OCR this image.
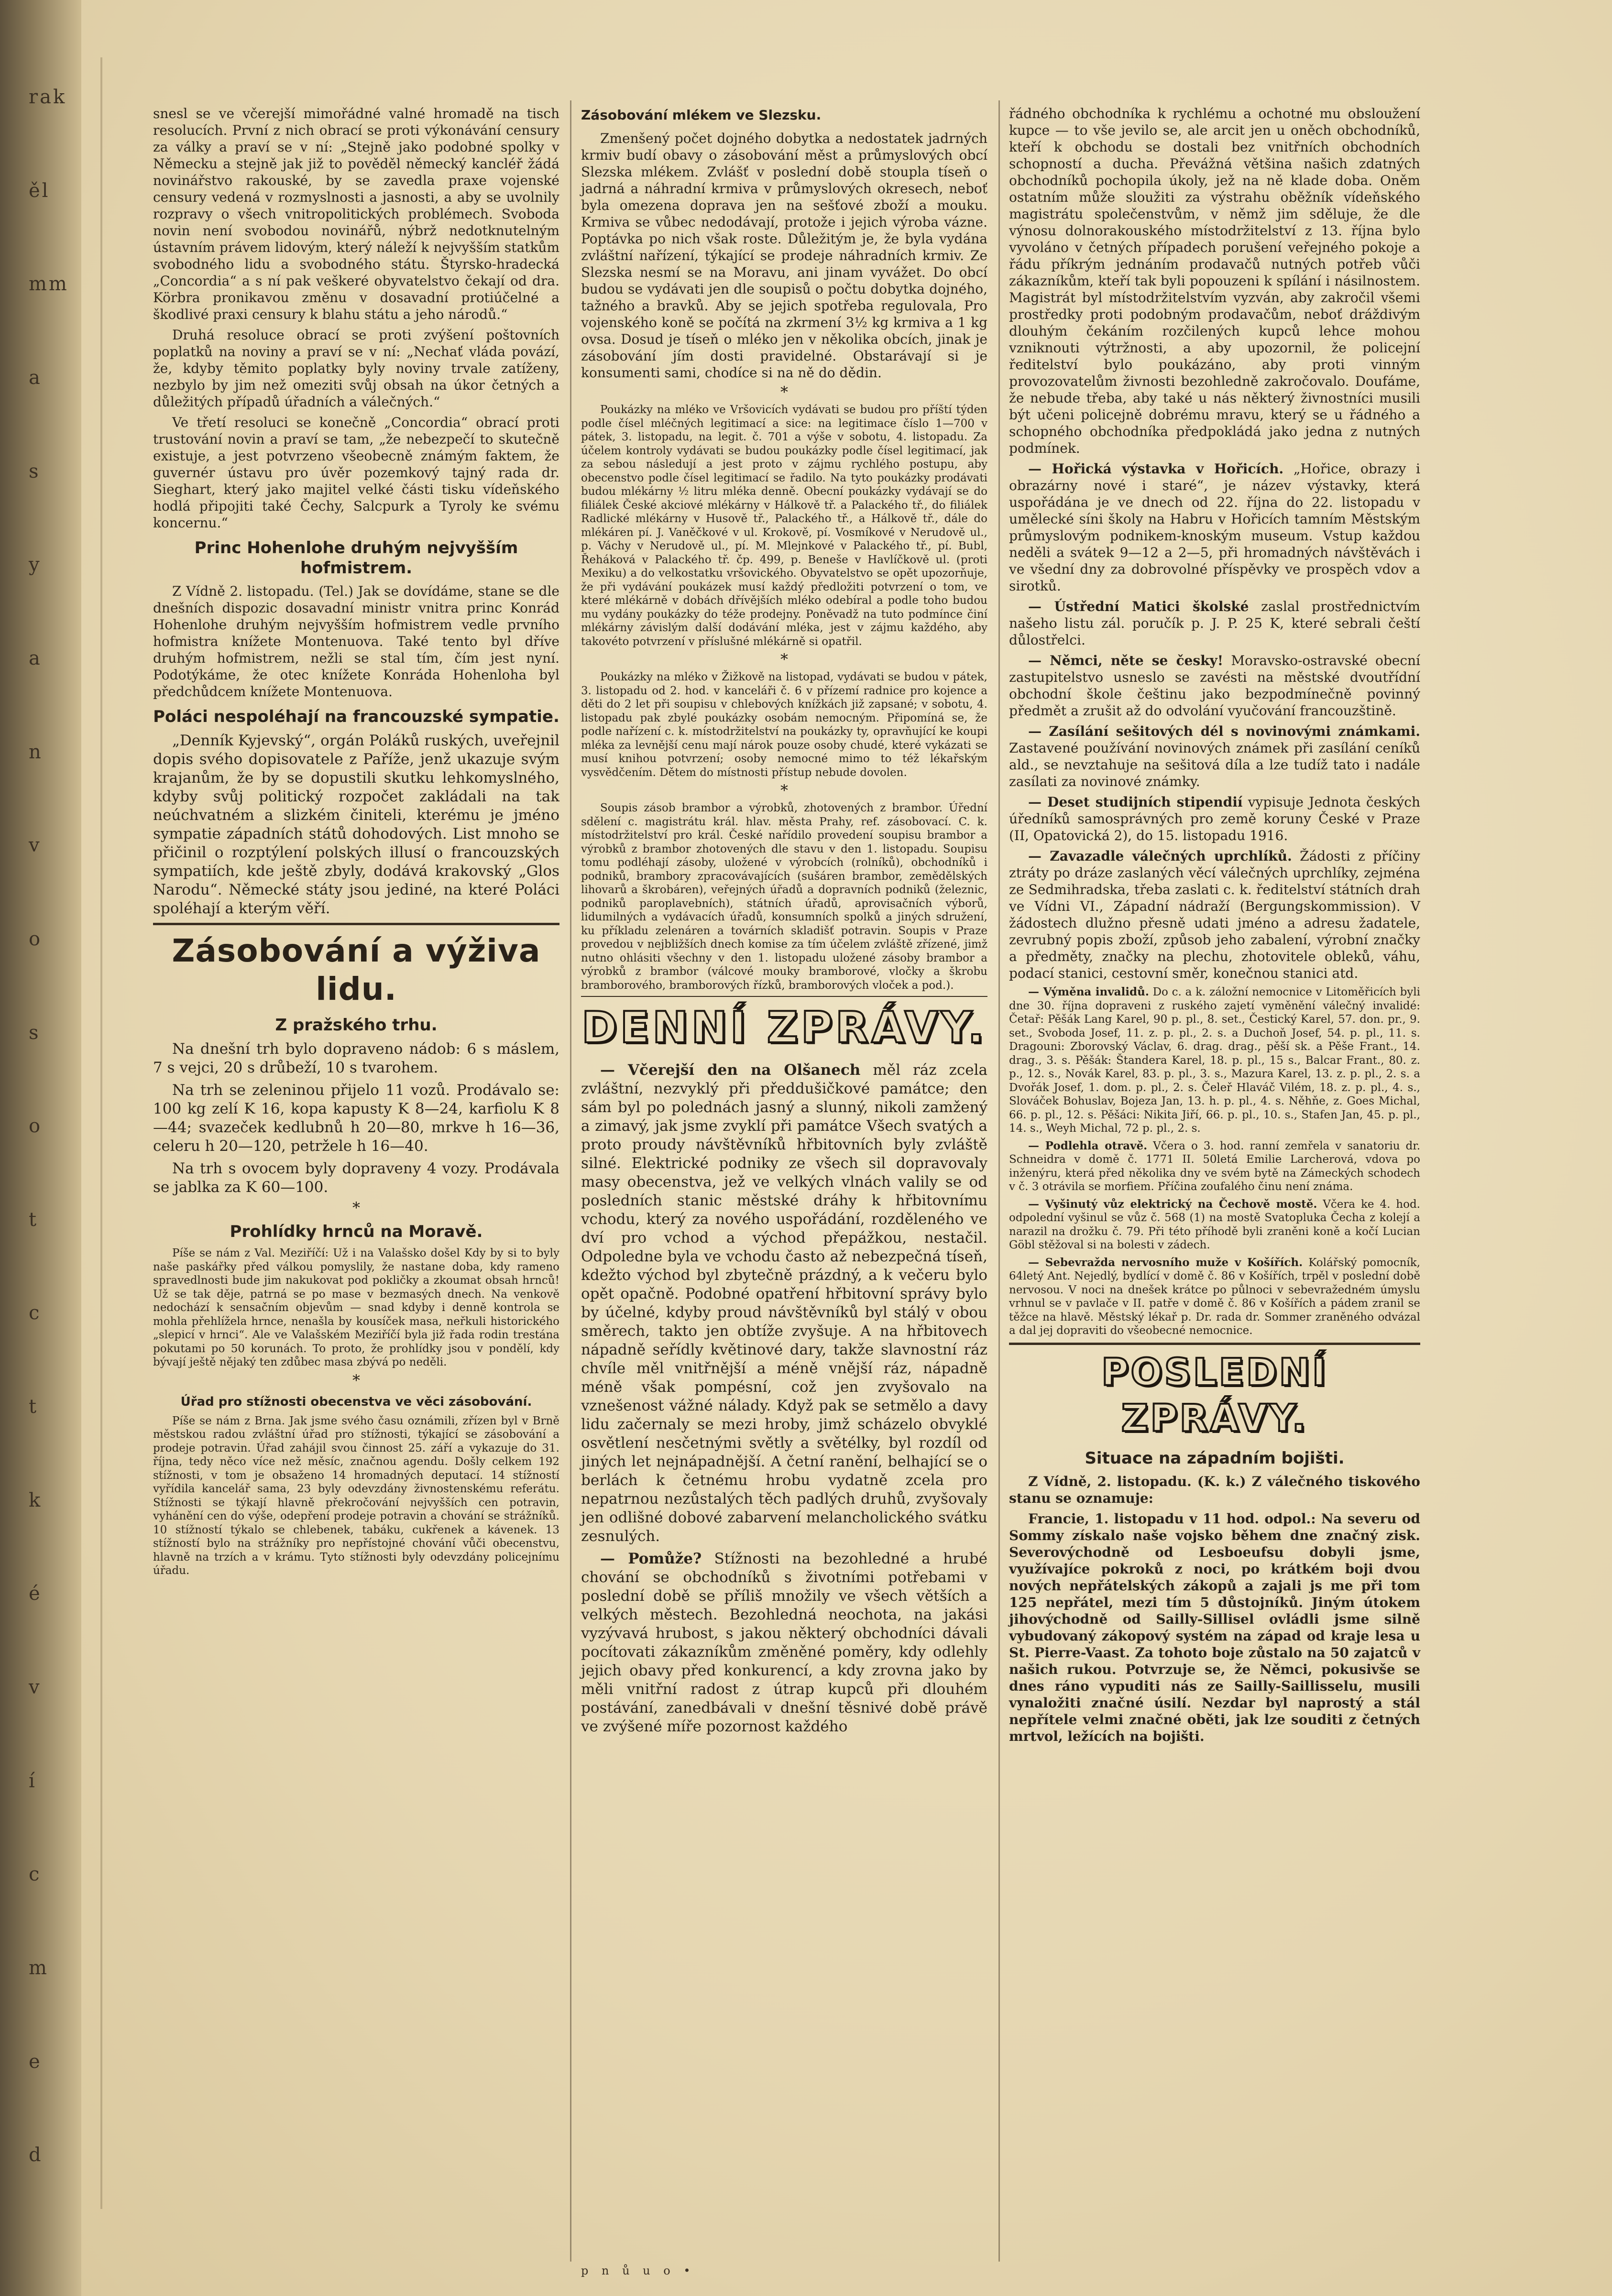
rak
ěl
mm
a
s
y
a
n
v
o
s
o
t
c
t
k
é
v
í
c
m
e
d

snesl se ve včerejší mimořádné valné hromadě na tisch resolucích. První z nich obrací se proti výkonávání censury za války a praví se v ní: „Stejně jako podobné spolky v Německu a stejně jak již to pověděl německý kancléř žádá novinářstvo rakouské, by se zavedla praxe vojenské censury vedená v rozmyslnosti a jasnosti, a aby se uvolnily rozpravy o všech vnitropolitických problémech. Svoboda novin není svobodou novinářů, nýbrž nedotknutelným ústavním právem lidovým, který náleží k nejvyšším statkům svobodného lidu a svobodného státu. Štyrsko-hradecká „Concordia“ a s ní pak veškeré obyvatelstvo čekají od dra. Körbra pronikavou změnu v dosavadní protiúčelné a škodlivé praxi censury k blahu státu a jeho národů.“

Druhá resoluce obrací se proti zvýšení poštovních poplatků na noviny a praví se v ní: „Nechať vláda povází, že, kdyby těmito poplatky byly noviny trvale zatíženy, nezbylo by jim než omeziti svůj obsah na úkor četných a důležitých případů úřadních a válečných.“

Ve třetí resoluci se konečně „Concordia“ obrací proti trustování novin a praví se tam, „že nebezpečí to skutečně existuje, a jest potvrzeno všeobecně známým faktem, že guvernér ústavu pro úvěr pozemkový tajný rada dr. Sieghart, který jako majitel velké části tisku vídeňského hodlá připojiti také Čechy, Salcpurk a Tyroly ke svému koncernu.“

Princ Hohenlohe druhým nejvyšším hofmistrem.

Z Vídně 2. listopadu. (Tel.) Jak se dovídáme, stane se dle dnešních dispozic dosavadní ministr vnitra princ Konrád Hohenlohe druhým nejvyšším hofmistrem vedle prvního hofmistra knížete Montenuova. Také tento byl dříve druhým hofmistrem, nežli se stal tím, čím jest nyní. Podotýkáme, že otec knížete Konráda Hohenloha byl předchůdcem knížete Montenuova.

Poláci nespoléhají na francouzské sympatie.

„Denník Kyjevský“, orgán Poláků ruských, uveřejnil dopis svého dopisovatele z Paříže, jenž ukazuje svým krajanům, že by se dopustili skutku lehkomyslného, kdyby svůj politický rozpočet zakládali na tak neúchvatném a slizkém činiteli, kterému je jméno sympatie západních států dohodových. List mnoho se přičinil o rozptýlení polských illusí o francouzských sympatiích, kde ještě zbyly, dodává krakovský „Glos Narodu“. Německé státy jsou jediné, na které Poláci spoléhají a kterým věří.

Zásobování a výživa lidu.
Z pražského trhu.

Na dnešní trh bylo dopraveno nádob: 6 s máslem, 7 s vejci, 20 s drůbeží, 10 s tvarohem.

Na trh se zeleninou přijelo 11 vozů. Prodávalo se: 100 kg zelí K 16, kopa kapusty K 8—24, karfiolu K 8—44; svazeček kedlubnů h 20—80, mrkve h 16—36, celeru h 20—120, petržele h 16—40.

Na trh s ovocem byly dopraveny 4 vozy. Prodávala se jablka za K 60—100.

*
Prohlídky hrnců na Moravě.

Píše se nám z Val. Meziříčí: Už i na Valašsko došel Kdy by si to byly naše paskářky před válkou pomyslily, že nastane doba, kdy rameno spravedlnosti bude jim nakukovat pod pokličky a zkoumat obsah hrnců! Už se tak děje, patrná se po mase v bezmasých dnech. Na venkově nedochází k sensačním objevům — snad kdyby i denně kontrola se mohla přehlížela hrnce, nenašla by kousíček masa, neřkuli historického „slepicí v hrnci“. Ale ve Valašském Meziříčí byla již řada rodin trestána pokutami po 50 korunách. To proto, že prohlídky jsou v pondělí, kdy bývají ještě nějaký ten zdůbec masa zbývá po neděli.

*
Úřad pro stížnosti obecenstva ve věci zásobování.

Píše se nám z Brna. Jak jsme svého času oznámili, zřízen byl v Brně městskou radou zvláštní úřad pro stížnosti, týkající se zásobování a prodeje potravin. Úřad zahájil svou činnost 25. září a vykazuje do 31. října, tedy něco více než měsíc, značnou agendu. Došly celkem 192 stížnosti, v tom je obsaženo 14 hromadných deputací. 14 stížností vyřídila kancelář sama, 23 byly odevzdány živnostenskému referátu. Stížnosti se týkají hlavně překročování nejvyšších cen potravin, vyhánění cen do výše, odepření prodeje potravin a chování se strážníků. 10 stížností týkalo se chlebenek, tabáku, cukřenek a kávenek. 13 stížností bylo na strážníky pro nepřístojné chování vůči obecenstvu, hlavně na trzích a v krámu. Tyto stížnosti byly odevzdány policejnímu úřadu.

Zásobování mlékem ve Slezsku.

Zmenšený počet dojného dobytka a nedostatek jadrných krmiv budí obavy o zásobování měst a průmyslových obcí Slezska mlékem. Zvlášť v poslední době stoupla tíseň o jadrná a náhradní krmiva v průmyslových okresech, neboť byla omezena doprava jen na sešťové zboží a mouku. Krmiva se vůbec nedodávají, protože i jejich výroba vázne. Poptávka po nich však roste. Důležitým je, že byla vydána zvláštní nařízení, týkající se prodeje náhradních krmiv. Ze Slezska nesmí se na Moravu, ani jinam vyvážet. Do obcí budou se vydávati jen dle soupisů o počtu dobytka dojného, tažného a bravků. Aby se jejich spotřeba regulovala, Pro vojenského koně se počítá na zkrmení 3½ kg krmiva a 1 kg ovsa. Dosud je tíseň o mléko jen v několika obcích, jinak je zásobování jím dosti pravidelné. Obstarávají si je konsumenti sami, chodíce si na ně do dědin.

*

Poukázky na mléko ve Vršovicích vydávati se budou pro příští týden podle čísel mléčných legitimací a sice: na legitimace číslo 1—700 v pátek, 3. listopadu, na legit. č. 701 a výše v sobotu, 4. listopadu. Za účelem kontroly vydávati se budou poukázky podle čísel legitimací, jak za sebou následují a jest proto v zájmu rychlého postupu, aby obecenstvo podle čísel legitimací se řadilo. Na tyto poukázky prodávati budou mlékárny ½ litru mléka denně. Obecní poukázky vydávají se do filiálek České akciové mlékárny v Hálkově tř. a Palackého tř., do filiálek Radlické mlékárny v Husově tř., Palackého tř., a Hálkově tř., dále do mlékáren pí. J. Vaněčkové v ul. Krokově, pí. Vosmíkové v Nerudově ul., p. Váchy v Nerudově ul., pí. M. Mlejnkové v Palackého tř., pí. Bubl, Řeháková v Palackého tř. čp. 499, p. Beneše v Havlíčkově ul. (proti Mexiku) a do velkostatku vršovického. Obyvatelstvo se opět upozorňuje, že při vydávání poukázek musí každý předložiti potvrzení o tom, ve které mlékárně v dobách dřívějších mléko odebíral a podle toho budou mu vydány poukázky do téže prodejny. Poněvadž na tuto podmínce činí mlékárny závislým další dodávání mléka, jest v zájmu každého, aby takovéto potvrzení v příslušné mlékárně si opatřil.

*

Poukázky na mléko v Žižkově na listopad, vydávati se budou v pátek, 3. listopadu od 2. hod. v kanceláři č. 6 v přízemí radnice pro kojence a děti do 2 let při soupisu v chlebových knížkách již zapsané; v sobotu, 4. listopadu pak zbylé poukázky osobám nemocným. Připomíná se, že podle nařízení c. k. místodržitelství na poukázky ty, opravňující ke koupi mléka za levnější cenu mají nárok pouze osoby chudé, které vykázati se musí knihou potvrzení; osoby nemocné mimo to též lékařským vysvědčením. Dětem do místnosti přístup nebude dovolen.

*

Soupis zásob brambor a výrobků, zhotovených z brambor. Úřední sdělení c. magistrátu král. hlav. města Prahy, ref. zásobovací. C. k. místodržitelství pro král. České nařídilo provedení soupisu brambor a výrobků z brambor zhotovených dle stavu v den 1. listopadu. Soupisu tomu podléhají zásoby, uložené v výrobcích (rolníků), obchodníků i podniků, brambory zpracovávajících (sušáren brambor, zemědělských lihovarů a škrobáren), veřejných úřadů a dopravních podniků (železnic, podniků paroplavebních), státních úřadů, aprovisačních výborů, lidumilných a vydávacích úřadů, konsumních spolků a jiných sdružení, ku příkladu zelenáren a továrních skladišť potravin. Soupis v Praze provedou v nejbližších dnech komise za tím účelem zvláště zřízené, jimž nutno ohlásiti všechny v den 1. listopadu uložené zásoby brambor a výrobků z brambor (válcové mouky bramborové, vločky a škrobu bramborového, bramborových řízků, bramborových vloček a pod.).

DENNÍ ZPRÁVY.

— Včerejší den na Olšanech měl ráz zcela zvláštní, nezvyklý při předdušičkové památce; den sám byl po polednách jasný a slunný, nikoli zamžený a zimavý, jak jsme zvyklí při památce Všech svatých a proto proudy návštěvníků hřbitovních byly zvláště silné. Elektrické podniky ze všech sil dopravovaly masy obecenstva, jež ve velkých vlnách valily se od posledních stanic městské dráhy k hřbitovnímu vchodu, který za nového uspořádání, rozděleného ve dví pro vchod a východ přepážkou, nestačil. Odpoledne byla ve vchodu často až nebezpečná tíseň, kdežto východ byl zbytečně prázdný, a k večeru bylo opět opačně. Podobné opatření hřbitovní správy bylo by účelné, kdyby proud návštěvníků byl stálý v obou směrech, takto jen obtíže zvyšuje. A na hřbitovech nápadně seřídly květinové dary, takže slavnostní ráz chvíle měl vnitřnější a méně vnější ráz, nápadně méně však pompésní, což jen zvyšovalo na vznešenost vážné nálady. Když pak se setmělo a davy lidu začernaly se mezi hroby, jimž scházelo obvyklé osvětlení nesčetnými světly a světélky, byl rozdíl od jiných let nejnápadnější. A četní ranění, belhající se o berlách k četnému hrobu vydatně zcela pro nepatrnou nezůstalých těch padlých druhů, zvyšovaly jen odlišné dobové zabarvení melancholického svátku zesnulých.

— Pomůže? Stížnosti na bezohledné a hrubé chování se obchodníků s životními potřebami v poslední době se příliš množily ve všech větších a velkých městech. Bezohledná neochota, na jakási vyzývavá hrubost, s jakou některý obchodníci dávali pocítovati zákazníkům změněné poměry, kdy odlehly jejich obavy před konkurencí, a kdy zrovna jako by měli vnitřní radost z útrap kupců při dlouhém postávání, zanedbávali v dnešní těsnivé době právě ve zvýšené míře pozornost každého

p n ů u o •

řádného obchodníka k rychlému a ochotné mu obsloužení kupce — to vše jevilo se, ale arcit jen u oněch obchodníků, kteří k obchodu se dostali bez vnitřních obchodních schopností a ducha. Převážná většina našich zdatných obchodníků pochopila úkoly, jež na ně klade doba. Oněm ostatním může sloužiti za výstrahu oběžník vídeňského magistrátu společenstvům, v němž jim sděluje, že dle výnosu dolnorakouského místodržitelství z 13. října bylo vyvoláno v četných případech porušení veřejného pokoje a řádu příkrým jednáním prodavačů nutných potřeb vůči zákazníkům, kteří tak byli popouzeni k spílání i násilnostem. Magistrát byl místodržitelstvím vyzván, aby zakročil všemi prostředky proti podobným prodavačům, neboť dráždivým dlouhým čekáním rozčilených kupců lehce mohou vzniknouti výtržnosti, a aby upozornil, že policejní ředitelství bylo poukázáno, aby proti vinným provozovatelům živnosti bezohledně zakročovalo. Doufáme, že nebude třeba, aby také u nás některý živnostníci musili být učeni policejně dobrému mravu, který se u řádného a schopného obchodníka předpokládá jako jedna z nutných podmínek.

— Hořická výstavka v Hořicích. „Hořice, obrazy i obrazárny nové i staré“, je název výstavky, která uspořádána je ve dnech od 22. října do 22. listopadu v umělecké síni školy na Habru v Hořicích tamním Městským průmyslovým podnikem-knoským museum. Vstup každou neděli a svátek 9—12 a 2—5, při hromadných návštěvách i ve všední dny za dobrovolné příspěvky ve prospěch vdov a sirotků.

— Ústřední Matici školské zaslal prostřednictvím našeho listu zál. poručík p. J. P. 25 K, které sebrali čeští důlostřelci.

— Němci, něte se česky! Moravsko-ostravské obecní zastupitelstvo usneslo se zavésti na městské dvoutřídní obchodní škole češtinu jako bezpodmínečně povinný předmět a zrušit až do odvolání vyučování francouzštině.

— Zasílání sešitových dél s novinovými známkami. Zastavené používání novinových známek při zasílání ceníků ald., se nevztahuje na sešitová díla a lze tudíž tato i nadále zasílati za novinové známky.

— Deset studijních stipendií vypisuje Jednota českých úředníků samosprávných pro země koruny České v Praze (II, Opatovická 2), do 15. listopadu 1916.

— Zavazadle válečných uprchlíků. Žádosti z příčiny ztráty po dráze zaslaných věcí válečných uprchlíky, zejména ze Sedmihradska, třeba zaslati c. k. ředitelství státních drah ve Vídni VI., Západní nádraží (Bergungskommission). V žádostech dlužno přesně udati jméno a adresu žadatele, zevrubný popis zboží, způsob jeho zabalení, výrobní značky a předměty, značky na plechu, zhotovitele obleků, váhu, podací stanici, cestovní směr, konečnou stanici atd.

— Výměna invalidů. Do c. a k. záložní nemocnice v Litoměřicích byli dne 30. října dopraveni z ruského zajetí vyměnění válečný invalidé: Četař: Pěšák Lang Karel, 90 p. pl., 8. set., Čestický Karel, 57. don. pr., 9. set., Svoboda Josef, 11. z. p. pl., 2. s. a Duchoň Josef, 54. p. pl., 11. s. Dragouni: Zborovský Václav, 6. drag. drag., pěší sk. a Pěše Frant., 14. drag., 3. s. Pěšák: Štandera Karel, 18. p. pl., 15 s., Balcar Frant., 80. z. p., 12. s., Novák Karel, 83. p. pl., 3. s., Mazura Karel, 13. z. p. pl., 2. s. a Dvořák Josef, 1. dom. p. pl., 2. s. Čeleř Hlaváč Vilém, 18. z. p. pl., 4. s., Slováček Bohuslav, Bojeza Jan, 13. h. p. pl., 4. s. Něhňe, z. Goes Michal, 66. p. pl., 12. s. Pěšáci: Nikita Jiří, 66. p. pl., 10. s., Stafen Jan, 45. p. pl., 14. s., Weyh Michal, 72 p. pl., 2. s.

— Podlehla otravě. Včera o 3. hod. ranní zemřela v sanatoriu dr. Schneidra v domě č. 1771 II. 50letá Emilie Larcherová, vdova po inženýru, která před několika dny ve svém bytě na Zámeckých schodech v č. 3 otrávila se morfiem. Příčina zoufalého činu není známa.

— Vyšinutý vůz elektrický na Čechově mostě. Včera ke 4. hod. odpolední vyšinul se vůz č. 568 (1) na mostě Svatopluka Čecha z kolejí a narazil na drožku č. 79. Při této příhodě byli zraněni koně a kočí Lucian Göbl stěžoval si na bolesti v zádech.

— Sebevražda nervosního muže v Košířích. Kolářský pomocník, 64letý Ant. Nejedlý, bydlící v domě č. 86 v Košířích, trpěl v poslední době nervosou. V noci na dnešek krátce po půlnoci v sebevražedném úmyslu vrhnul se v pavlače v II. patře v domě č. 86 v Košířích a pádem zranil se těžce na hlavě. Městský lékař p. Dr. rada dr. Sommer zraněného odvázal a dal jej dopraviti do všeobecné nemocnice.

POSLEDNÍ ZPRÁVY.
Situace na západním bojišti.

Z Vídně, 2. listopadu. (K. k.) Z válečného tiskového stanu se oznamuje:

Francie, 1. listopadu v 11 hod. odpol.: Na severu od Sommy získalo naše vojsko během dne značný zisk. Severovýchodně od Lesboeufsu dobyli jsme, využívajíce pokroků z noci, po krátkém boji dvou nových nepřátelských zákopů a zajali js me při tom 125 nepřátel, mezi tím 5 důstojníků. Jiným útokem jihovýchodně od Sailly-Sillisel ovládli jsme silně vybudovaný zákopový systém na západ od kraje lesa u St. Pierre-Vaast. Za tohoto boje zůstalo na 50 zajatců v našich rukou. Potvrzuje se, že Němci, pokusivše se dnes ráno vypuditi nás ze Sailly-Saillisselu, musili vynaložiti značné úsilí. Nezdar byl naprostý a stál nepřítele velmi značné oběti, jak lze souditi z četných mrtvol, ležících na bojišti.
